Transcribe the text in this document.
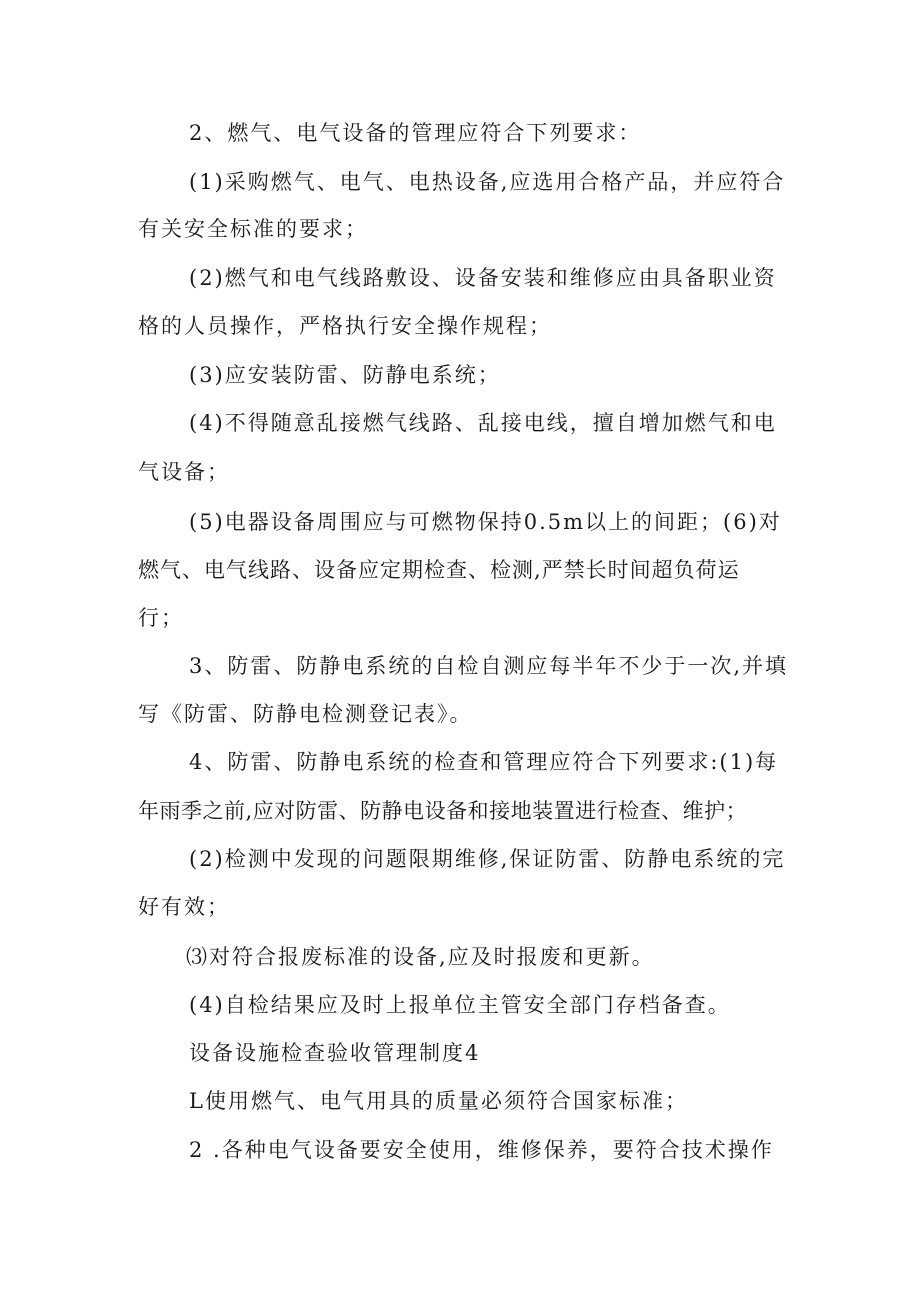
2、燃气、电气设备的管理应符合下列要求：
(1)采购燃气、电气、电热设备,应选用合格产品，并应符合
有关安全标准的要求；
(2)燃气和电气线路敷设、设备安装和维修应由具备职业资
格的人员操作，严格执行安全操作规程；
(3)应安装防雷、防静电系统；
(4)不得随意乱接燃气线路、乱接电线，擅自增加燃气和电
气设备；
(5)电器设备周围应与可燃物保持0.5m以上的间距；(6)对
燃气、电气线路、设备应定期检查、检测,严禁长时间超负荷运
行；
3、防雷、防静电系统的自检自测应每半年不少于一次,并填
写《防雷、防静电检测登记表》。
4、防雷、防静电系统的检查和管理应符合下列要求:(1)每
年雨季之前,应对防雷、防静电设备和接地装置进行检查、维护；
(2)检测中发现的问题限期维修,保证防雷、防静电系统的完
好有效；
⑶对符合报废标准的设备,应及时报废和更新。
(4)自检结果应及时上报单位主管安全部门存档备查。
设备设施检查验收管理制度4
L使用燃气、电气用具的质量必须符合国家标准；
2 .各种电气设备要安全使用，维修保养，要符合技术操作
